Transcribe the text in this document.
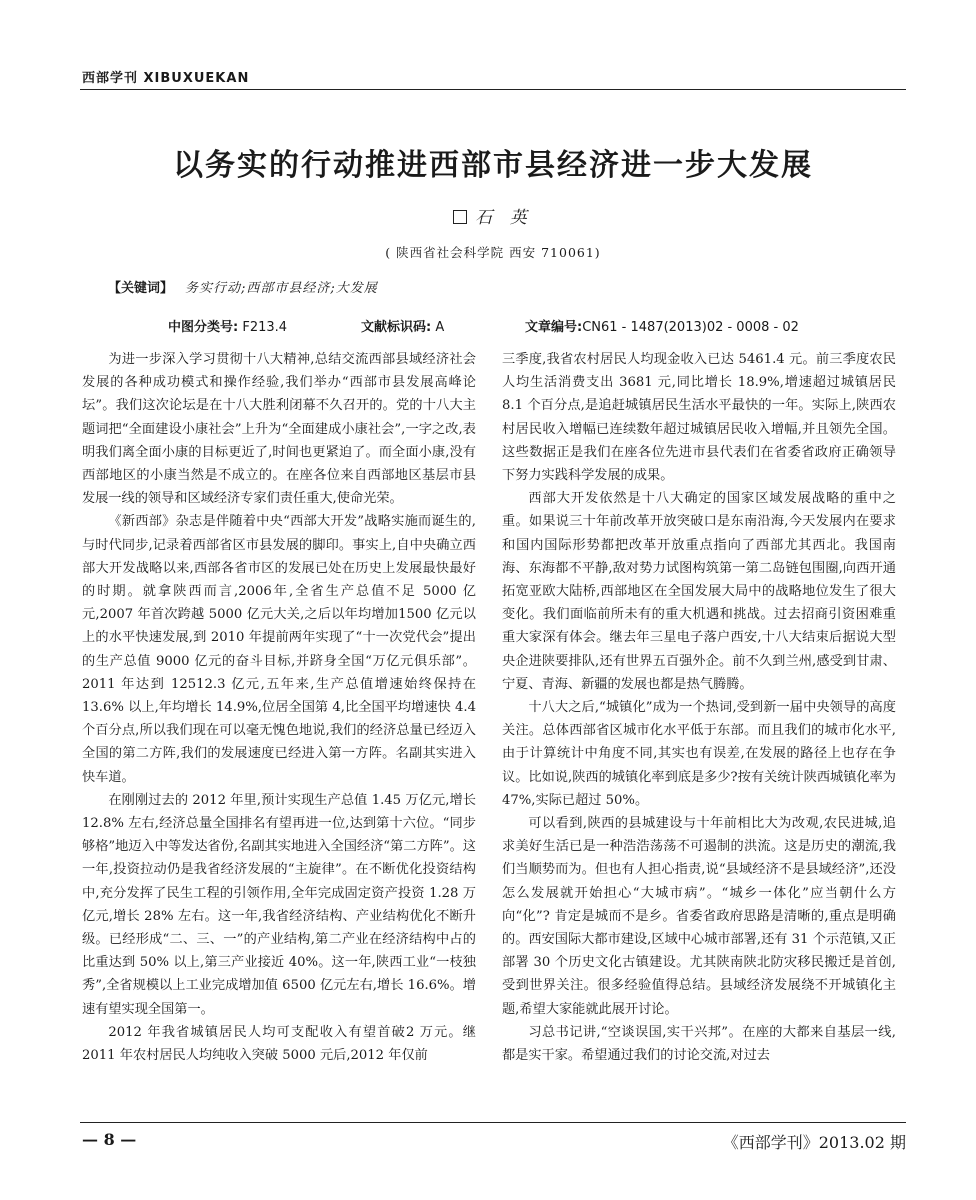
西部学刊 XIBUXUEKAN
以务实的行动推进西部市县经济进一步大发展
石 英
( 陕西省社会科学院 西安 710061)
【关键词】 务实行动;西部市县经济;大发展
中图分类号: F213.4	文献标识码: A	文章编号:CN61 - 1487(2013)02 - 0008 - 02

为进一步深入学习贯彻十八大精神,总结交流西部县域经济社会发展的各种成功模式和操作经验,我们举办“西部市县发展高峰论坛”。我们这次论坛是在十八大胜利闭幕不久召开的。党的十八大主题词把“全面建设小康社会”上升为“全面建成小康社会”,一字之改,表明我们离全面小康的目标更近了,时间也更紧迫了。而全面小康,没有西部地区的小康当然是不成立的。在座各位来自西部地区基层市县发展一线的领导和区域经济专家们责任重大,使命光荣。

《新西部》杂志是伴随着中央“西部大开发”战略实施而诞生的,与时代同步,记录着西部省区市县发展的脚印。事实上,自中央确立西部大开发战略以来,西部各省市区的发展已处在历史上发展最快最好的时期。就拿陕西而言,2006年,全省生产总值不足 5000 亿元,2007 年首次跨越 5000 亿元大关,之后以年均增加1500 亿元以上的水平快速发展,到 2010 年提前两年实现了“十一次党代会”提出的生产总值 9000 亿元的奋斗目标,并跻身全国“万亿元俱乐部”。2011 年达到 12512.3 亿元,五年来,生产总值增速始终保持在 13.6% 以上,年均增长 14.9%,位居全国第 4,比全国平均增速快 4.4 个百分点,所以我们现在可以毫无愧色地说,我们的经济总量已经迈入全国的第二方阵,我们的发展速度已经进入第一方阵。名副其实进入快车道。

在刚刚过去的 2012 年里,预计实现生产总值 1.45 万亿元,增长 12.8% 左右,经济总量全国排名有望再进一位,达到第十六位。“同步够格”地迈入中等发达省份,名副其实地进入全国经济“第二方阵”。这一年,投资拉动仍是我省经济发展的“主旋律”。在不断优化投资结构中,充分发挥了民生工程的引领作用,全年完成固定资产投资 1.28 万亿元,增长 28% 左右。这一年,我省经济结构、产业结构优化不断升级。已经形成“二、三、一”的产业结构,第二产业在经济结构中占的比重达到 50% 以上,第三产业接近 40%。这一年,陕西工业“一枝独秀”,全省规模以上工业完成增加值 6500 亿元左右,增长 16.6%。增速有望实现全国第一。

2012 年我省城镇居民人均可支配收入有望首破2 万元。继 2011 年农村居民人均纯收入突破 5000 元后,2012 年仅前

三季度,我省农村居民人均现金收入已达 5461.4 元。前三季度农民人均生活消费支出 3681 元,同比增长 18.9%,增速超过城镇居民 8.1 个百分点,是追赶城镇居民生活水平最快的一年。实际上,陕西农村居民收入增幅已连续数年超过城镇居民收入增幅,并且领先全国。这些数据正是我们在座各位先进市县代表们在省委省政府正确领导下努力实践科学发展的成果。

西部大开发依然是十八大确定的国家区域发展战略的重中之重。如果说三十年前改革开放突破口是东南沿海,今天发展内在要求和国内国际形势都把改革开放重点指向了西部尤其西北。我国南海、东海都不平静,敌对势力试图构筑第一第二岛链包围圈,向西开通拓宽亚欧大陆桥,西部地区在全国发展大局中的战略地位发生了很大变化。我们面临前所未有的重大机遇和挑战。过去招商引资困难重重大家深有体会。继去年三星电子落户西安,十八大结束后据说大型央企进陕要排队,还有世界五百强外企。前不久到兰州,感受到甘肃、宁夏、青海、新疆的发展也都是热气腾腾。

十八大之后,“城镇化”成为一个热词,受到新一届中央领导的高度关注。总体西部省区城市化水平低于东部。而且我们的城市化水平,由于计算统计中角度不同,其实也有误差,在发展的路径上也存在争议。比如说,陕西的城镇化率到底是多少?按有关统计陕西城镇化率为47%,实际已超过 50%。

可以看到,陕西的县城建设与十年前相比大为改观,农民进城,追求美好生活已是一种浩浩荡荡不可遏制的洪流。这是历史的潮流,我们当顺势而为。但也有人担心指责,说“县域经济不是县域经济”,还没怎么发展就开始担心“大城市病”。“城乡一体化”应当朝什么方向“化”? 肯定是城而不是乡。省委省政府思路是清晰的,重点是明确的。西安国际大都市建设,区域中心城市部署,还有 31 个示范镇,又正部署 30 个历史文化古镇建设。尤其陕南陕北防灾移民搬迁是首创,受到世界关注。很多经验值得总结。县域经济发展绕不开城镇化主题,希望大家能就此展开讨论。

习总书记讲,“空谈误国,实干兴邦”。在座的大都来自基层一线,都是实干家。希望通过我们的讨论交流,对过去

— 8 —	《西部学刊》2013.02 期
